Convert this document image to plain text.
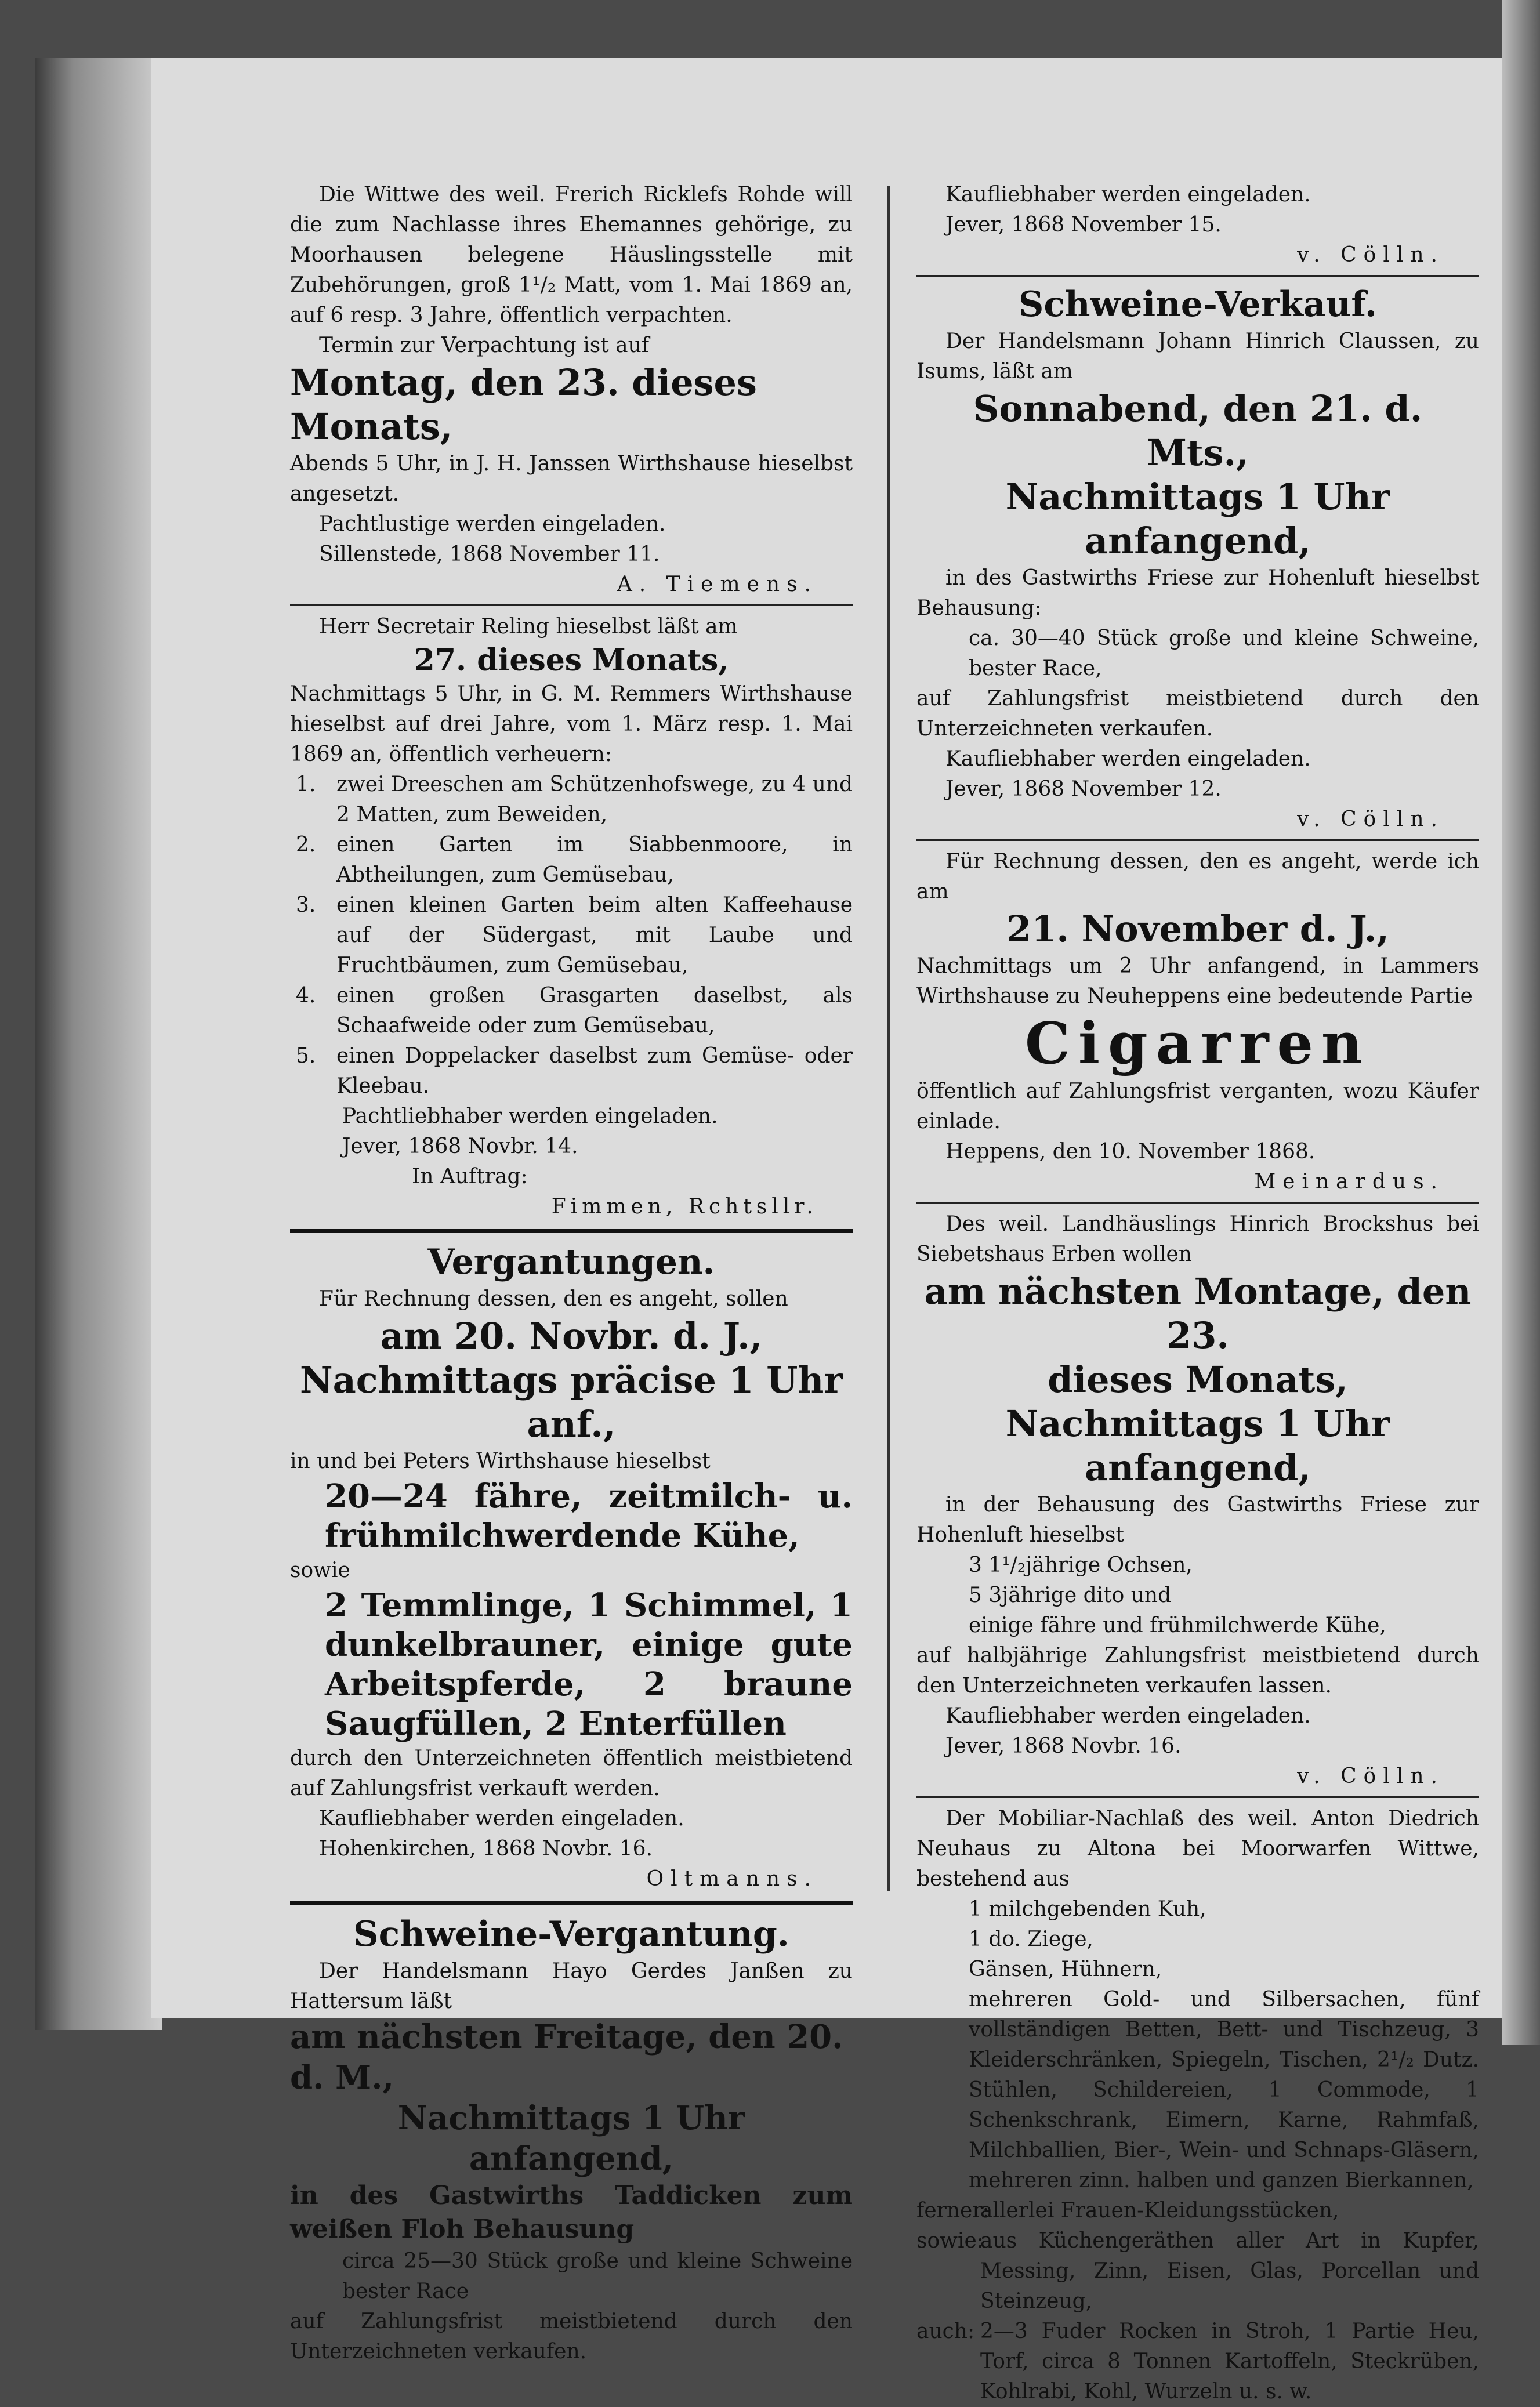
Die Wittwe des weil. Frerich Ricklefs Rohde will die zum Nachlasse ihres Ehemannes gehörige, zu Moorhausen belegene Häuslingsstelle mit Zubehörungen, groß 1¹/₂ Matt, vom 1. Mai 1869 an, auf 6 resp. 3 Jahre, öffentlich verpachten.

Termin zur Verpachtung ist auf

Montag, den 23. dieses Monats,

Abends 5 Uhr, in J. H. Janssen Wirthshause hieselbst angesetzt.

Pachtlustige werden eingeladen.

Sillenstede, 1868 November 11.

A. Tiemens.

Herr Secretair Reling hieselbst läßt am

27. dieses Monats,

Nachmittags 5 Uhr, in G. M. Remmers Wirthshause hieselbst auf drei Jahre, vom 1. März resp. 1. Mai 1869 an, öffentlich verheuern:

1. zwei Dreeschen am Schützenhofswege, zu 4 und 2 Matten, zum Beweiden,
2. einen Garten im Siabbenmoore, in Abtheilungen, zum Gemüsebau,
3. einen kleinen Garten beim alten Kaffeehause auf der Südergast, mit Laube und Fruchtbäumen, zum Gemüsebau,
4. einen großen Grasgarten daselbst, als Schaafweide oder zum Gemüsebau,
5. einen Doppelacker daselbst zum Gemüse- oder Kleebau.

Pachtliebhaber werden eingeladen.

Jever, 1868 Novbr. 14.

In Auftrag:

Fimmen, Rchtsllr.

Vergantungen.

Für Rechnung dessen, den es angeht, sollen

am 20. Novbr. d. J.,

Nachmittags präcise 1 Uhr anf.,

in und bei Peters Wirthshause hieselbst

20—24 fähre, zeitmilch- u. frühmilchwerdende Kühe,

sowie

2 Temmlinge, 1 Schimmel, 1 dunkelbrauner, einige gute Arbeitspferde, 2 braune Saugfüllen, 2 Enterfüllen

durch den Unterzeichneten öffentlich meistbietend auf Zahlungsfrist verkauft werden.

Kaufliebhaber werden eingeladen.

Hohenkirchen, 1868 Novbr. 16.

Oltmanns.

Schweine-Vergantung.

Der Handelsmann Hayo Gerdes Janßen zu Hattersum läßt

am nächsten Freitage, den 20. d. M.,

Nachmittags 1 Uhr anfangend,

in des Gastwirths Taddicken zum weißen Floh Behausung

circa 25—30 Stück große und kleine Schweine bester Race

auf Zahlungsfrist meistbietend durch den Unterzeichneten verkaufen.

Kaufliebhaber werden eingeladen.

Jever, 1868 November 15.

v. Cölln.

Schweine-Verkauf.

Der Handelsmann Johann Hinrich Claussen, zu Isums, läßt am

Sonnabend, den 21. d. Mts.,

Nachmittags 1 Uhr anfangend,

in des Gastwirths Friese zur Hohenluft hieselbst Behausung:

ca. 30—40 Stück große und kleine Schweine, bester Race,

auf Zahlungsfrist meistbietend durch den Unterzeichneten verkaufen.

Kaufliebhaber werden eingeladen.

Jever, 1868 November 12.

v. Cölln.

Für Rechnung dessen, den es angeht, werde ich am

21. November d. J.,

Nachmittags um 2 Uhr anfangend, in Lammers Wirthshause zu Neuheppens eine bedeutende Partie

Cigarren

öffentlich auf Zahlungsfrist verganten, wozu Käufer einlade.

Heppens, den 10. November 1868.

Meinardus.

Des weil. Landhäuslings Hinrich Brockshus bei Siebetshaus Erben wollen

am nächsten Montage, den 23.

dieses Monats,

Nachmittags 1 Uhr anfangend,

in der Behausung des Gastwirths Friese zur Hohenluft hieselbst

3 1¹/₂jährige Ochsen,

5 3jährige dito und

einige fähre und frühmilchwerde Kühe,

auf halbjährige Zahlungsfrist meistbietend durch den Unterzeichneten verkaufen lassen.

Kaufliebhaber werden eingeladen.

Jever, 1868 Novbr. 16.

v. Cölln.

Der Mobiliar-Nachlaß des weil. Anton Diedrich Neuhaus zu Altona bei Moorwarfen Wittwe, bestehend aus

1 milchgebenden Kuh,

1 do. Ziege,

Gänsen, Hühnern,

mehreren Gold- und Silbersachen, fünf vollständigen Betten, Bett- und Tischzeug, 3 Kleiderschränken, Spiegeln, Tischen, 2¹/₂ Dutz. Stühlen, Schildereien, 1 Commode, 1 Schenkschrank, Eimern, Karne, Rahmfaß, Milchballien, Bier-, Wein- und Schnaps-Gläsern, mehreren zinn. halben und ganzen Bierkannen,

ferner:
allerlei Frauen-Kleidungsstücken,
sowie:
aus Küchengeräthen aller Art in Kupfer, Messing, Zinn, Eisen, Glas, Porcellan und Steinzeug,
auch: 2—3 Fuder Rocken in Stroh, 1 Partie Heu, Torf, circa 8 Tonnen Kartoffeln, Steckrüben, Kohlrabi, Kohl, Wurzeln u. s. w.
